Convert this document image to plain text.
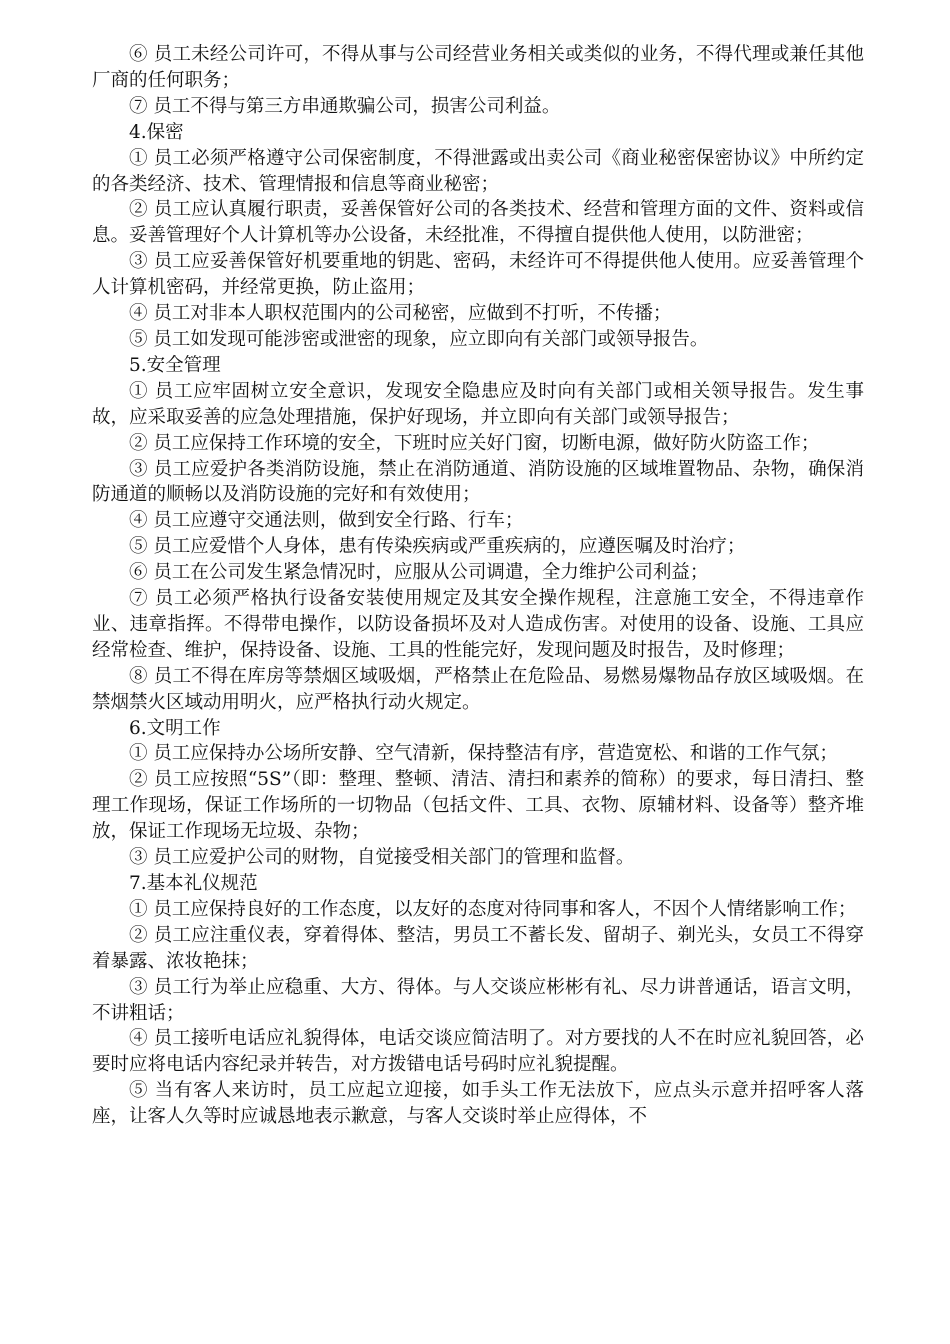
⑥ 员工未经公司许可，不得从事与公司经营业务相关或类似的业务，不得代理或兼任其他厂商的任何职务；

⑦ 员工不得与第三方串通欺骗公司，损害公司利益。

4.保密

① 员工必须严格遵守公司保密制度，不得泄露或出卖公司《商业秘密保密协议》中所约定的各类经济、技术、管理情报和信息等商业秘密；

② 员工应认真履行职责，妥善保管好公司的各类技术、经营和管理方面的文件、资料或信息。妥善管理好个人计算机等办公设备，未经批准，不得擅自提供他人使用，以防泄密；

③ 员工应妥善保管好机要重地的钥匙、密码，未经许可不得提供他人使用。应妥善管理个人计算机密码，并经常更换，防止盗用；

④ 员工对非本人职权范围内的公司秘密，应做到不打听，不传播；

⑤ 员工如发现可能涉密或泄密的现象，应立即向有关部门或领导报告。

5.安全管理

① 员工应牢固树立安全意识，发现安全隐患应及时向有关部门或相关领导报告。发生事故，应采取妥善的应急处理措施，保护好现场，并立即向有关部门或领导报告；

② 员工应保持工作环境的安全，下班时应关好门窗，切断电源，做好防火防盗工作；

③ 员工应爱护各类消防设施，禁止在消防通道、消防设施的区域堆置物品、杂物，确保消防通道的顺畅以及消防设施的完好和有效使用；

④ 员工应遵守交通法则，做到安全行路、行车；

⑤ 员工应爱惜个人身体，患有传染疾病或严重疾病的，应遵医嘱及时治疗；

⑥ 员工在公司发生紧急情况时，应服从公司调遣，全力维护公司利益；

⑦ 员工必须严格执行设备安装使用规定及其安全操作规程，注意施工安全，不得违章作业、违章指挥。不得带电操作，以防设备损坏及对人造成伤害。对使用的设备、设施、工具应经常检查、维护，保持设备、设施、工具的性能完好，发现问题及时报告，及时修理；

⑧ 员工不得在库房等禁烟区域吸烟，严格禁止在危险品、易燃易爆物品存放区域吸烟。在禁烟禁火区域动用明火，应严格执行动火规定。

6.文明工作

① 员工应保持办公场所安静、空气清新，保持整洁有序，营造宽松、和谐的工作气氛；

② 员工应按照“5S”（即：整理、整顿、清洁、清扫和素养的简称）的要求，每日清扫、整理工作现场，保证工作场所的一切物品（包括文件、工具、衣物、原辅材料、设备等）整齐堆放，保证工作现场无垃圾、杂物；

③ 员工应爱护公司的财物，自觉接受相关部门的管理和监督。

7.基本礼仪规范

① 员工应保持良好的工作态度，以友好的态度对待同事和客人，不因个人情绪影响工作；

② 员工应注重仪表，穿着得体、整洁，男员工不蓄长发、留胡子、剃光头，女员工不得穿着暴露、浓妆艳抹；

③ 员工行为举止应稳重、大方、得体。与人交谈应彬彬有礼、尽力讲普通话，语言文明，不讲粗话；

④ 员工接听电话应礼貌得体，电话交谈应简洁明了。对方要找的人不在时应礼貌回答，必要时应将电话内容纪录并转告，对方拨错电话号码时应礼貌提醒。

⑤ 当有客人来访时，员工应起立迎接，如手头工作无法放下，应点头示意并招呼客人落座，让客人久等时应诚恳地表示歉意，与客人交谈时举止应得体，不
